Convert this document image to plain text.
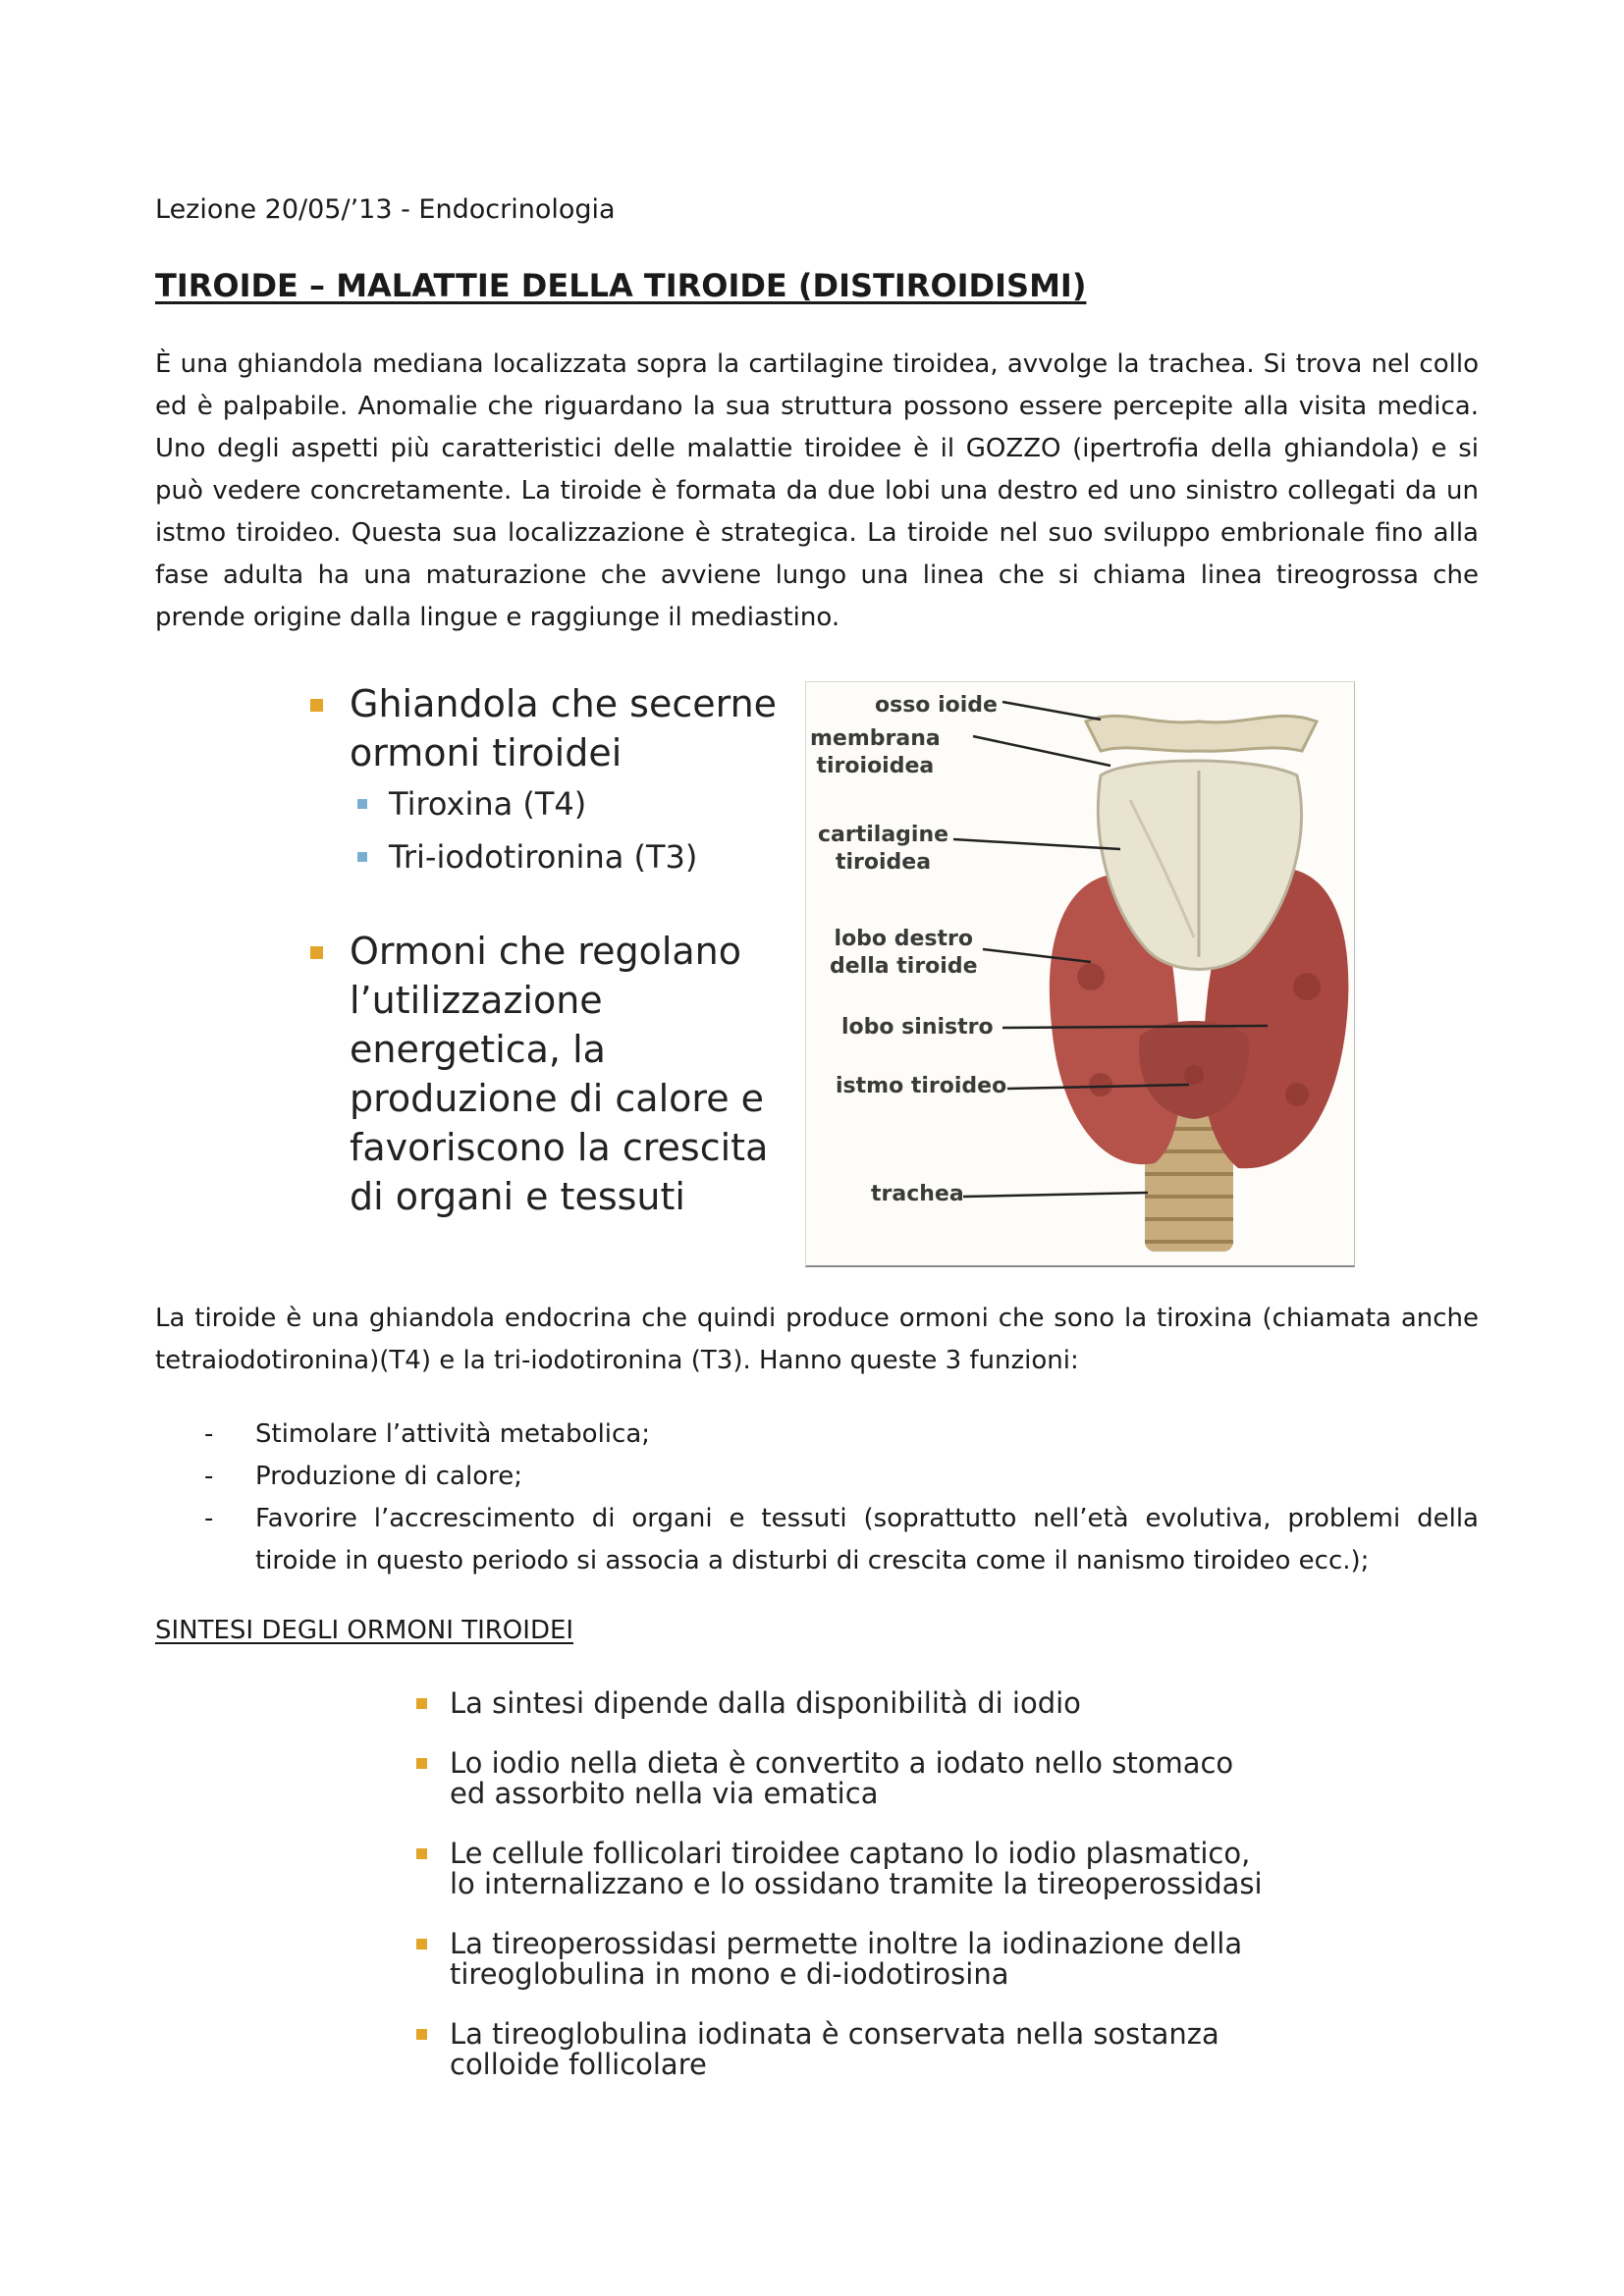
Lezione 20/05/’13 - Endocrinologia
TIROIDE – MALATTIE DELLA TIROIDE (DISTIROIDISMI)

È una ghiandola mediana localizzata sopra la cartilagine tiroidea, avvolge la trachea. Si trova nel collo ed è palpabile. Anomalie che riguardano la sua struttura possono essere percepite alla visita medica. Uno degli aspetti più caratteristici delle malattie tiroidee è il GOZZO (ipertrofia della ghiandola) e si può vedere concretamente. La tiroide è formata da due lobi una destro ed uno sinistro collegati da un istmo tiroideo. Questa sua localizzazione è strategica. La tiroide nel suo sviluppo embrionale fino alla fase adulta ha una maturazione che avviene lungo una linea che si chiama linea tireogrossa che prende origine dalla lingue e raggiunge il mediastino.

Ghiandola che secerne ormoni tiroidei
Tiroxina (T4)
Tri-iodotironina (T3)
Ormoni che regolano l’utilizzazione energetica, la produzione di calore e favoriscono la crescita di organi e tessuti
osso ioide
membrana
tiroioidea
cartilagine
tiroidea
lobo destro
della tiroide
lobo sinistro
istmo tiroideo
trachea

La tiroide è una ghiandola endocrina che quindi produce ormoni che sono la tiroxina (chiamata anche tetraiodotironina)(T4) e la tri-iodotironina (T3). Hanno queste 3 funzioni:

- Stimolare l’attività metabolica;
- Produzione di calore;
- Favorire l’accrescimento di organi e tessuti (soprattutto nell’età evolutiva, problemi della tiroide in questo periodo si associa a disturbi di crescita come il nanismo tiroideo ecc.);
SINTESI DEGLI ORMONI TIROIDEI
La sintesi dipende dalla disponibilità di iodio
Lo iodio nella dieta è convertito a iodato nello stomaco ed assorbito nella via ematica
Le cellule follicolari tiroidee captano lo iodio plasmatico, lo internalizzano e lo ossidano tramite la tireoperossidasi
La tireoperossidasi permette inoltre la iodinazione della tireoglobulina in mono e di-iodotirosina
La tireoglobulina iodinata è conservata nella sostanza colloide follicolare
